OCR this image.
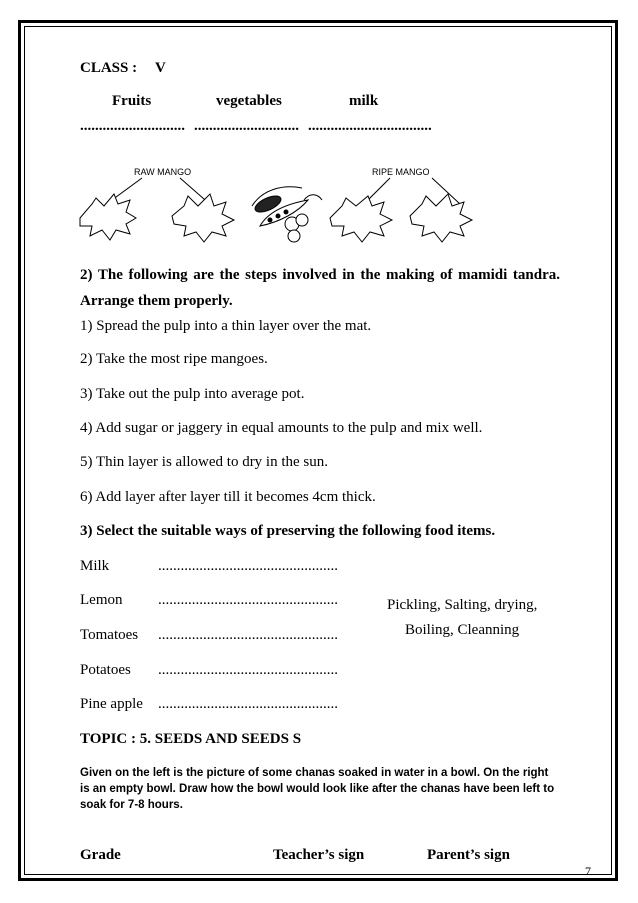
CLASS : V
Fruits	vegetables	milk
............................ ............................ .................................
RAW MANGO	RIPE MANGO
2) The following are the steps involved in the making of mamidi tandra.
Arrange them properly.
1) Spread the pulp into a thin layer over the mat.
2) Take the most ripe mangoes.
3) Take out the pulp into average pot.
4) Add sugar or jaggery in equal amounts to the pulp and mix well.
5) Thin layer is allowed to dry in the sun.
6) Add layer after layer till it becomes 4cm thick.
3) Select the suitable ways of preserving the following food items.
Milk	................................................
Lemon ................................................
Tomatoes ................................................
Potatoes ................................................
Pine apple ................................................
Pickling, Salting, drying,
Boiling, Cleanning
TOPIC : 5. SEEDS AND SEEDS S
Given on the left is the picture of some chanas soaked in water in a bowl. On the right
is an empty bowl. Draw how the bowl would look like after the chanas have been left to
soak for 7-8 hours.
Grade	Teacher’s sign	Parent’s sign
7
